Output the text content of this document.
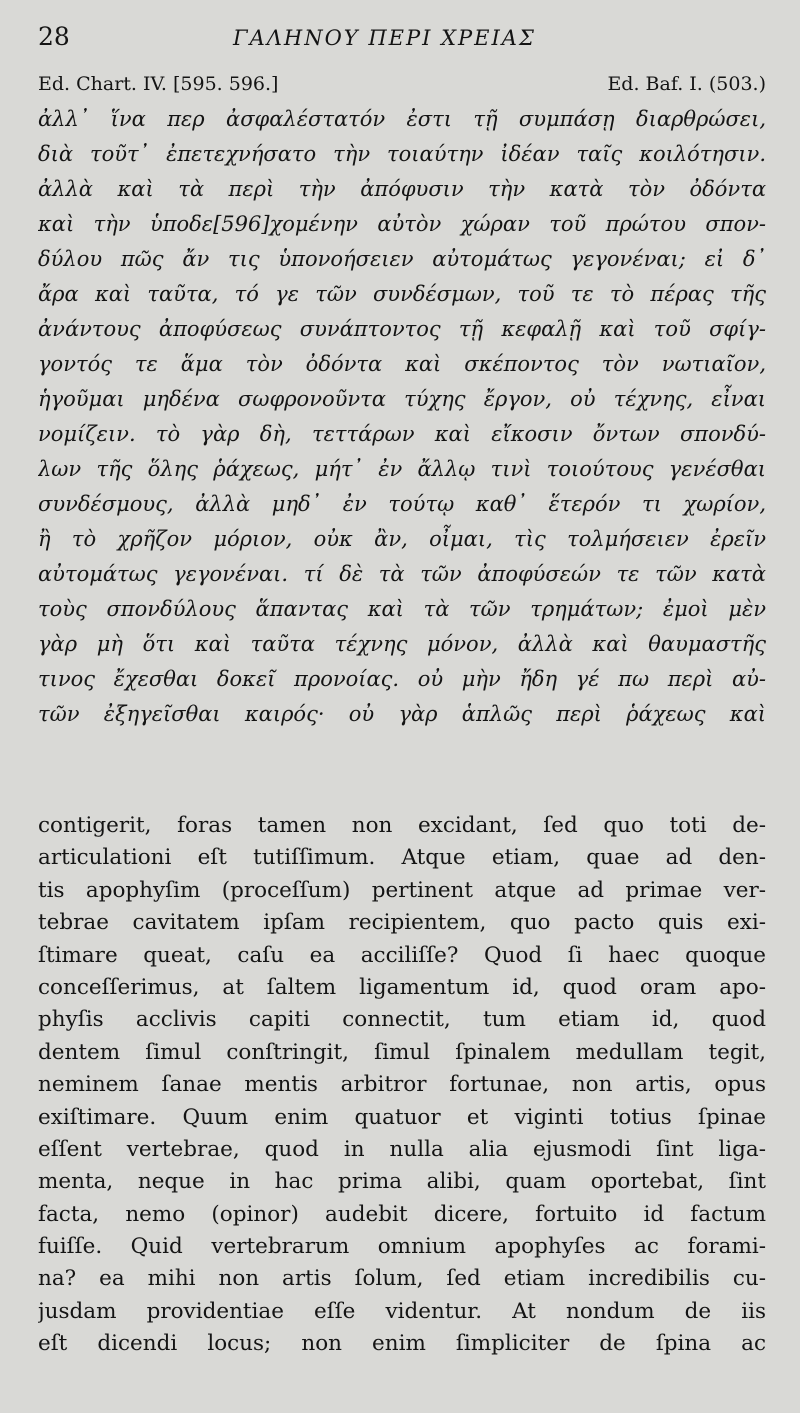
28	ΓΑΛΗΝΟΥ ΠΕΡΙ ΧΡΕΙΑΣ
Ed. Chart. IV. [595. 596.]	Ed. Baf. I. (503.)
ἀλλ᾽ ἵνα περ ἀσφαλέστατόν ἐστι τῇ συμπάσῃ διαρθρώσει,
διὰ τοῦτ᾽ ἐπετεχνήσατο τὴν τοιαύτην ἰδέαν ταῖς κοιλότησιν.
ἀλλὰ καὶ τὰ περὶ τὴν ἀπόφυσιν τὴν κατὰ τὸν ὀδόντα
καὶ τὴν ὑποδε[596]χομένην αὐτὸν χώραν τοῦ πρώτου σπον-
δύλου πῶς ἄν τις ὑπονοήσειεν αὐτομάτως γεγονέναι; εἰ δ᾽
ἄρα καὶ ταῦτα, τό γε τῶν συνδέσμων, τοῦ τε τὸ πέρας τῆς
ἀνάντους ἀποφύσεως συνάπτοντος τῇ κεφαλῇ καὶ τοῦ σφίγ-
γοντός τε ἅμα τὸν ὀδόντα καὶ σκέποντος τὸν νωτιαῖον,
ἡγοῦμαι μηδένα σωφρονοῦντα τύχης ἔργον, οὐ τέχνης, εἶναι
νομίζειν. τὸ γὰρ δὴ, τεττάρων καὶ εἴκοσιν ὄντων σπονδύ-
λων τῆς ὅλης ῥάχεως, μήτ᾽ ἐν ἄλλῳ τινὶ τοιούτους γενέσθαι
συνδέσμους, ἀλλὰ μηδ᾽ ἐν τούτῳ καθ᾽ ἕτερόν τι χωρίον,
ἢ τὸ χρῆζον μόριον, οὐκ ἂν, οἶμαι, τὶς τολμήσειεν ἐρεῖν
αὐτομάτως γεγονέναι. τί δὲ τὰ τῶν ἀποφύσεών τε τῶν κατὰ
τοὺς σπονδύλους ἅπαντας καὶ τὰ τῶν τρημάτων; ἐμοὶ μὲν
γὰρ μὴ ὅτι καὶ ταῦτα τέχνης μόνον, ἀλλὰ καὶ θαυμαστῆς
τινος ἔχεσθαι δοκεῖ προνοίας. οὐ μὴν ἤδη γέ πω περὶ αὐ-
τῶν ἐξηγεῖσθαι καιρός· οὐ γὰρ ἁπλῶς περὶ ῥάχεως καὶ
contigerit, foras tamen non excidant, ſed quo toti de-
articulationi eſt tutiſſimum. Atque etiam, quae ad den-
tis apophyſim (proceſſum) pertinent atque ad primae ver-
tebrae cavitatem ipſam recipientem, quo pacto quis exi-
ſtimare queat, caſu ea acciliſſe? Quod ſi haec quoque
conceſſerimus, at ſaltem ligamentum id, quod oram apo-
phyſis acclivis capiti connectit, tum etiam id, quod
dentem ſimul conſtringit, ſimul ſpinalem medullam tegit,
neminem ſanae mentis arbitror fortunae, non artis, opus
exiſtimare. Quum enim quatuor et viginti totius ſpinae
eſſent vertebrae, quod in nulla alia ejusmodi ſint liga-
menta, neque in hac prima alibi, quam oportebat, ſint
facta, nemo (opinor) audebit dicere, fortuito id factum
fuiſſe. Quid vertebrarum omnium apophyſes ac forami-
na? ea mihi non artis ſolum, ſed etiam incredibilis cu-
jusdam providentiae eſſe videntur. At nondum de iis
eſt dicendi locus; non enim ſimpliciter de ſpina ac
